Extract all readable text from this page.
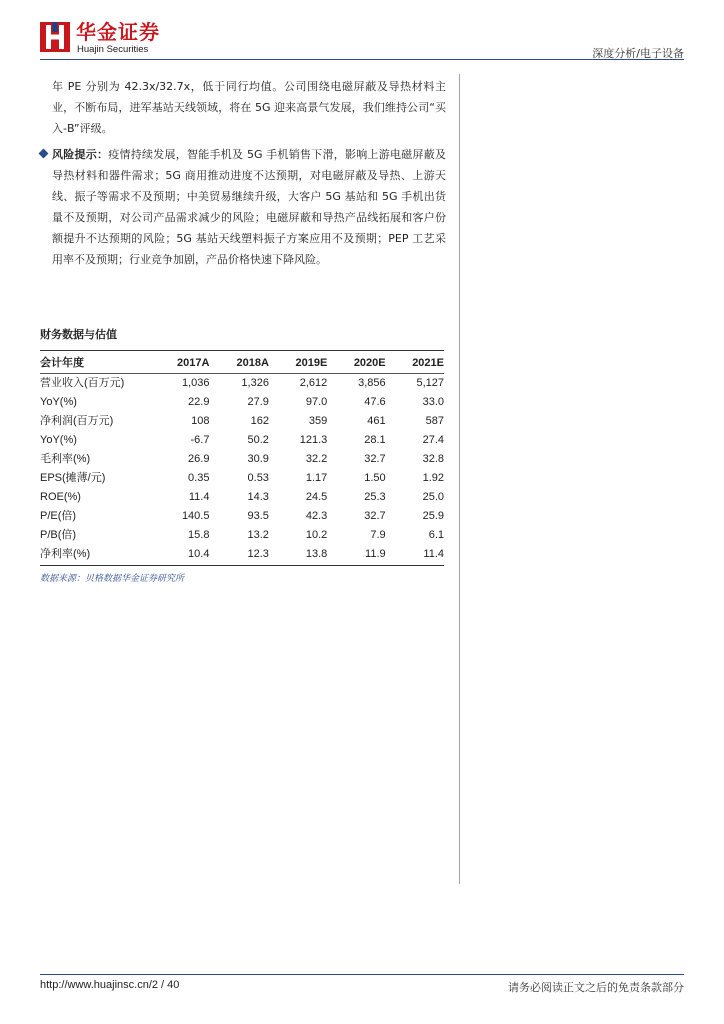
华金证券
Huajin Securities	深度分析/电子设备
年 PE 分别为 42.3x/32.7x，低于同行均值。公司围绕电磁屏蔽及导热材料主业，不断布局，进军基站天线领域，将在 5G 迎来高景气发展，我们维持公司“买入-B”评级。
风险提示：疫情持续发展，智能手机及 5G 手机销售下滑，影响上游电磁屏蔽及导热材料和器件需求；5G 商用推动进度不达预期，对电磁屏蔽及导热、上游天线、振子等需求不及预期；中美贸易继续升级，大客户 5G 基站和 5G 手机出货量不及预期，对公司产品需求减少的风险；电磁屏蔽和导热产品线拓展和客户份额提升不达预期的风险；5G 基站天线塑料振子方案应用不及预期；PEP 工艺采用率不及预期；行业竞争加剧，产品价格快速下降风险。
财务数据与估值
会计年度	2017A	2018A	2019E	2020E	2021E
营业收入(百万元)	1,036	1,326	2,612	3,856	5,127
YoY(%)	22.9	27.9	97.0	47.6	33.0
净利润(百万元)	108	162	359	461	587
YoY(%)	-6.7	50.2	121.3	28.1	27.4
毛利率(%)	26.9	30.9	32.2	32.7	32.8
EPS(摊薄/元)	0.35	0.53	1.17	1.50	1.92
ROE(%)	11.4	14.3	24.5	25.3	25.0
P/E(倍)	140.5	93.5	42.3	32.7	25.9
P/B(倍)	15.8	13.2	10.2	7.9	6.1
净利率(%)	10.4	12.3	13.8	11.9	11.4
数据来源：贝格数据华金证券研究所
http://www.huajinsc.cn/2 / 40	请务必阅读正文之后的免责条款部分
